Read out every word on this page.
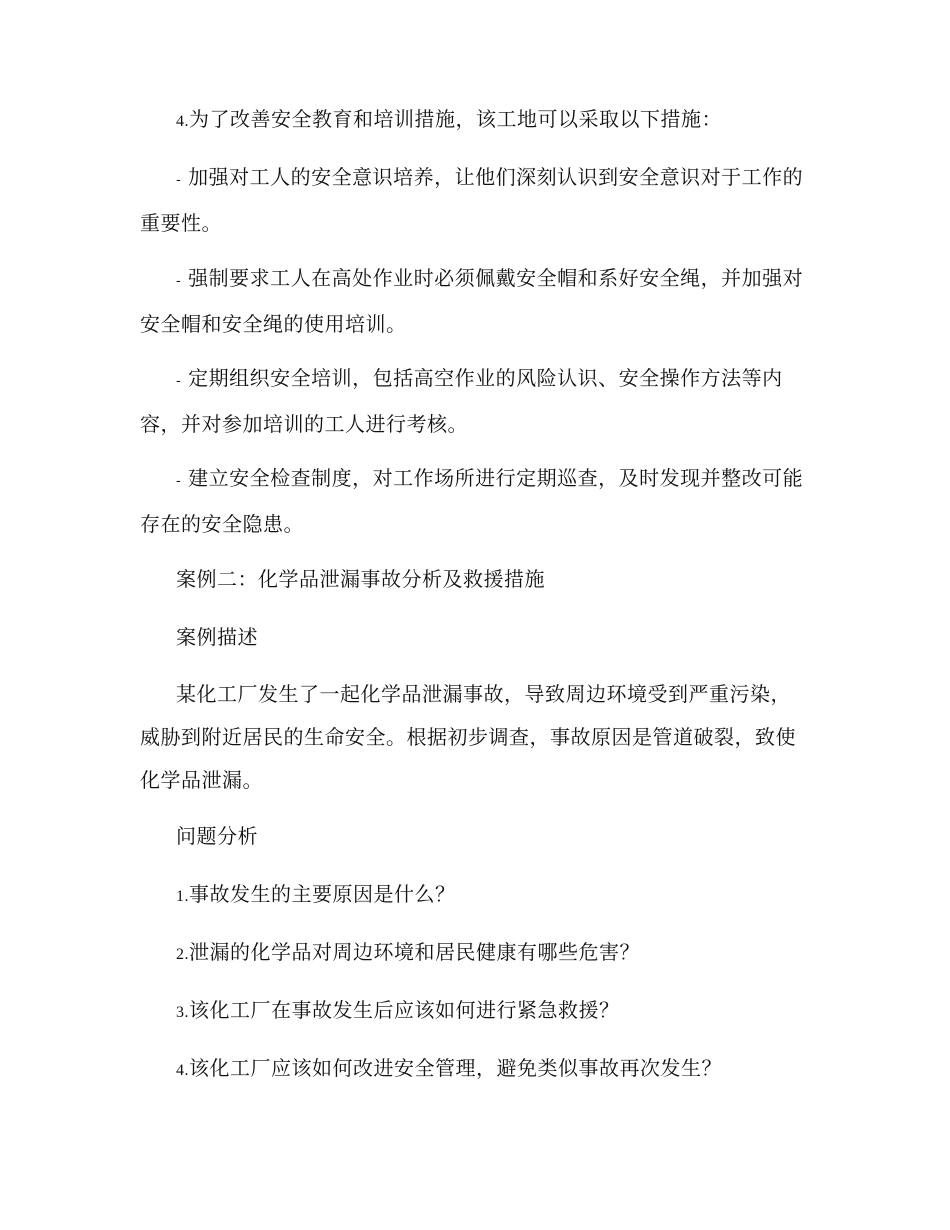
4.为了改善安全教育和培训措施，该工地可以采取以下措施：

- 加强对工人的安全意识培养，让他们深刻认识到安全意识对于工作的重要性。

- 强制要求工人在高处作业时必须佩戴安全帽和系好安全绳，并加强对安全帽和安全绳的使用培训。

- 定期组织安全培训，包括高空作业的风险认识、安全操作方法等内容，并对参加培训的工人进行考核。

- 建立安全检查制度，对工作场所进行定期巡查，及时发现并整改可能存在的安全隐患。

案例二：化学品泄漏事故分析及救援措施

案例描述

某化工厂发生了一起化学品泄漏事故，导致周边环境受到严重污染，威胁到附近居民的生命安全。根据初步调查，事故原因是管道破裂，致使化学品泄漏。

问题分析

1.事故发生的主要原因是什么？

2.泄漏的化学品对周边环境和居民健康有哪些危害？

3.该化工厂在事故发生后应该如何进行紧急救援？

4.该化工厂应该如何改进安全管理，避免类似事故再次发生？
